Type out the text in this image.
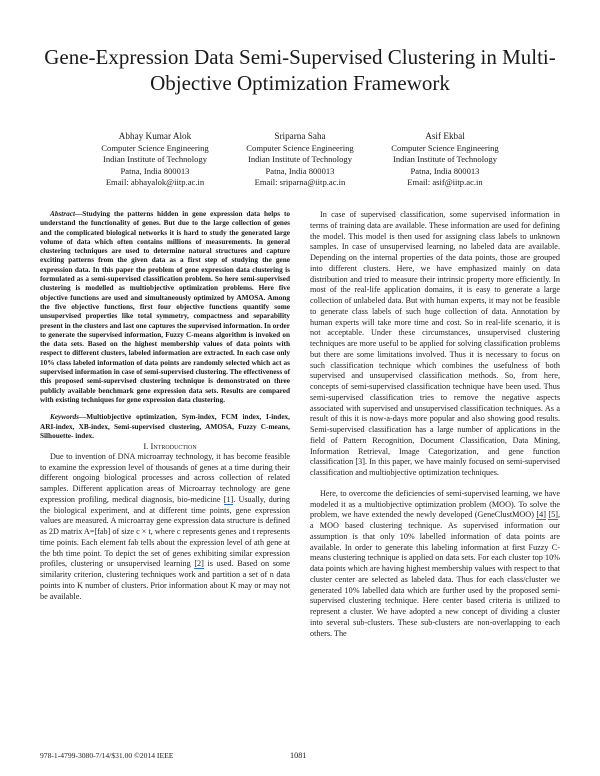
Gene-Expression Data Semi-Supervised Clustering in Multi-Objective Optimization Framework
Abhay Kumar Alok
Computer Science Engineering
Indian Institute of Technology
Patna, India 800013
Email: abhayalok@iitp.ac.in
Sriparna Saha
Computer Science Engineering
Indian Institute of Technology
Patna, India 800013
Email: sriparna@iitp.ac.in
Asif Ekbal
Computer Science Engineering
Indian Institute of Technology
Patna, India 800013
Email: asif@iitp.ac.in

Abstract—Studying the patterns hidden in gene expression data helps to understand the functionality of genes. But due to the large collection of genes and the complicated biological networks it is hard to study the generated large volume of data which often contains millions of measurements. In general clustering techniques are used to determine natural structures and capture exciting patterns from the given data as a first step of studying the gene expression data. In this paper the problem of gene expression data clustering is formulated as a semi-supervised classification problem. So here semi-supervised clustering is modelled as multiobjective optimization problems. Here five objective functions are used and simultaneously optimized by AMOSA. Among the five objective functions, first four objective functions quantify some unsupervised properties like total symmetry, compactness and separability present in the clusters and last one captures the supervised information. In order to generate the supervised information, Fuzzy C-means algorithm is invoked on the data sets. Based on the highest membership values of data points with respect to different clusters, labeled information are extracted. In each case only 10% class labeled information of data points are randomly selected which act as supervised information in case of semi-supervised clustering. The effectiveness of this proposed semi-supervised clustering technique is demonstrated on three publicly available benchmark gene expression data sets. Results are compared with existing techniques for gene expression data clustering.

Keywords—Multiobjective optimization, Sym-index, FCM index, I-index, ARI-index, XB-index, Semi-supervised clustering, AMOSA, Fuzzy C-means, Silhouette- index.

I. Introduction

Due to invention of DNA microarray technology, it has become feasible to examine the expression level of thousands of genes at a time during their different ongoing biological processes and across collection of related samples. Different application areas of Microarray technology are gene expression profiling, medical diagnosis, bio-medicine [1]. Usually, during the biological experiment, and at different time points, gene expression values are measured. A microarray gene expression data structure is defined as 2D matrix A=[fab] of size c × t, where c represents genes and t represents time points. Each element fab tells about the expression level of ath gene at the bth time point. To depict the set of genes exhibiting similar expression profiles, clustering or unsupervised learning [2] is used. Based on some similarity criterion, clustering techniques work and partition a set of n data points into K number of clusters. Prior information about K may or may not be available.

In case of supervised classification, some supervised information in terms of training data are available. These information are used for defining the model. This model is then used for assigning class labels to unknown samples. In case of unsupervised learning, no labeled data are available. Depending on the internal properties of the data points, those are grouped into different clusters. Here, we have emphasized mainly on data distribution and tried to measure their intrinsic property more efficiently. In most of the real-life application domains, it is easy to generate a large collection of unlabeled data. But with human experts, it may not be feasible to generate class labels of such huge collection of data. Annotation by human experts will take more time and cost. So in real-life scenario, it is not acceptable. Under these circumstances, unsupervised clustering techniques are more useful to be applied for solving classification problems but there are some limitations involved. Thus it is necessary to focus on such classification technique which combines the usefulness of both supervised and unsupervised classification methods. So, from here, concepts of semi-supervised classification technique have been used. Thus semi-supervised classification tries to remove the negative aspects associated with supervised and unsupervised classification techniques. As a result of this it is now-a-days more popular and also showing good results. Semi-supervised classification has a large number of applications in the field of Pattern Recognition, Document Classification, Data Mining, Information Retrieval, Image Categorization, and gene function classification [3]. In this paper, we have mainly focused on semi-supervised classification and multiobjective optimization techniques.

Here, to overcome the deficiencies of semi-supervised learning, we have modeled it as a multiobjective optimization problem (MOO). To solve the problem, we have extended the newly developed (GeneClustMOO) [4] [5], a MOO based clustering technique. As supervised information our assumption is that only 10% labelled information of data points are available. In order to generate this labeling information at first Fuzzy C-means clustering technique is applied on data sets. For each cluster top 10% data points which are having highest membership values with respect to that cluster center are selected as labeled data. Thus for each class/cluster we generated 10% labelled data which are further used by the proposed semi-supervised clustering technique. Here center based criteria is utilized to represent a cluster. We have adopted a new concept of dividing a cluster into several sub-clusters. These sub-clusters are non-overlapping to each others. The

978-1-4799-3080-7/14/$31.00 ©2014 IEEE	1081
